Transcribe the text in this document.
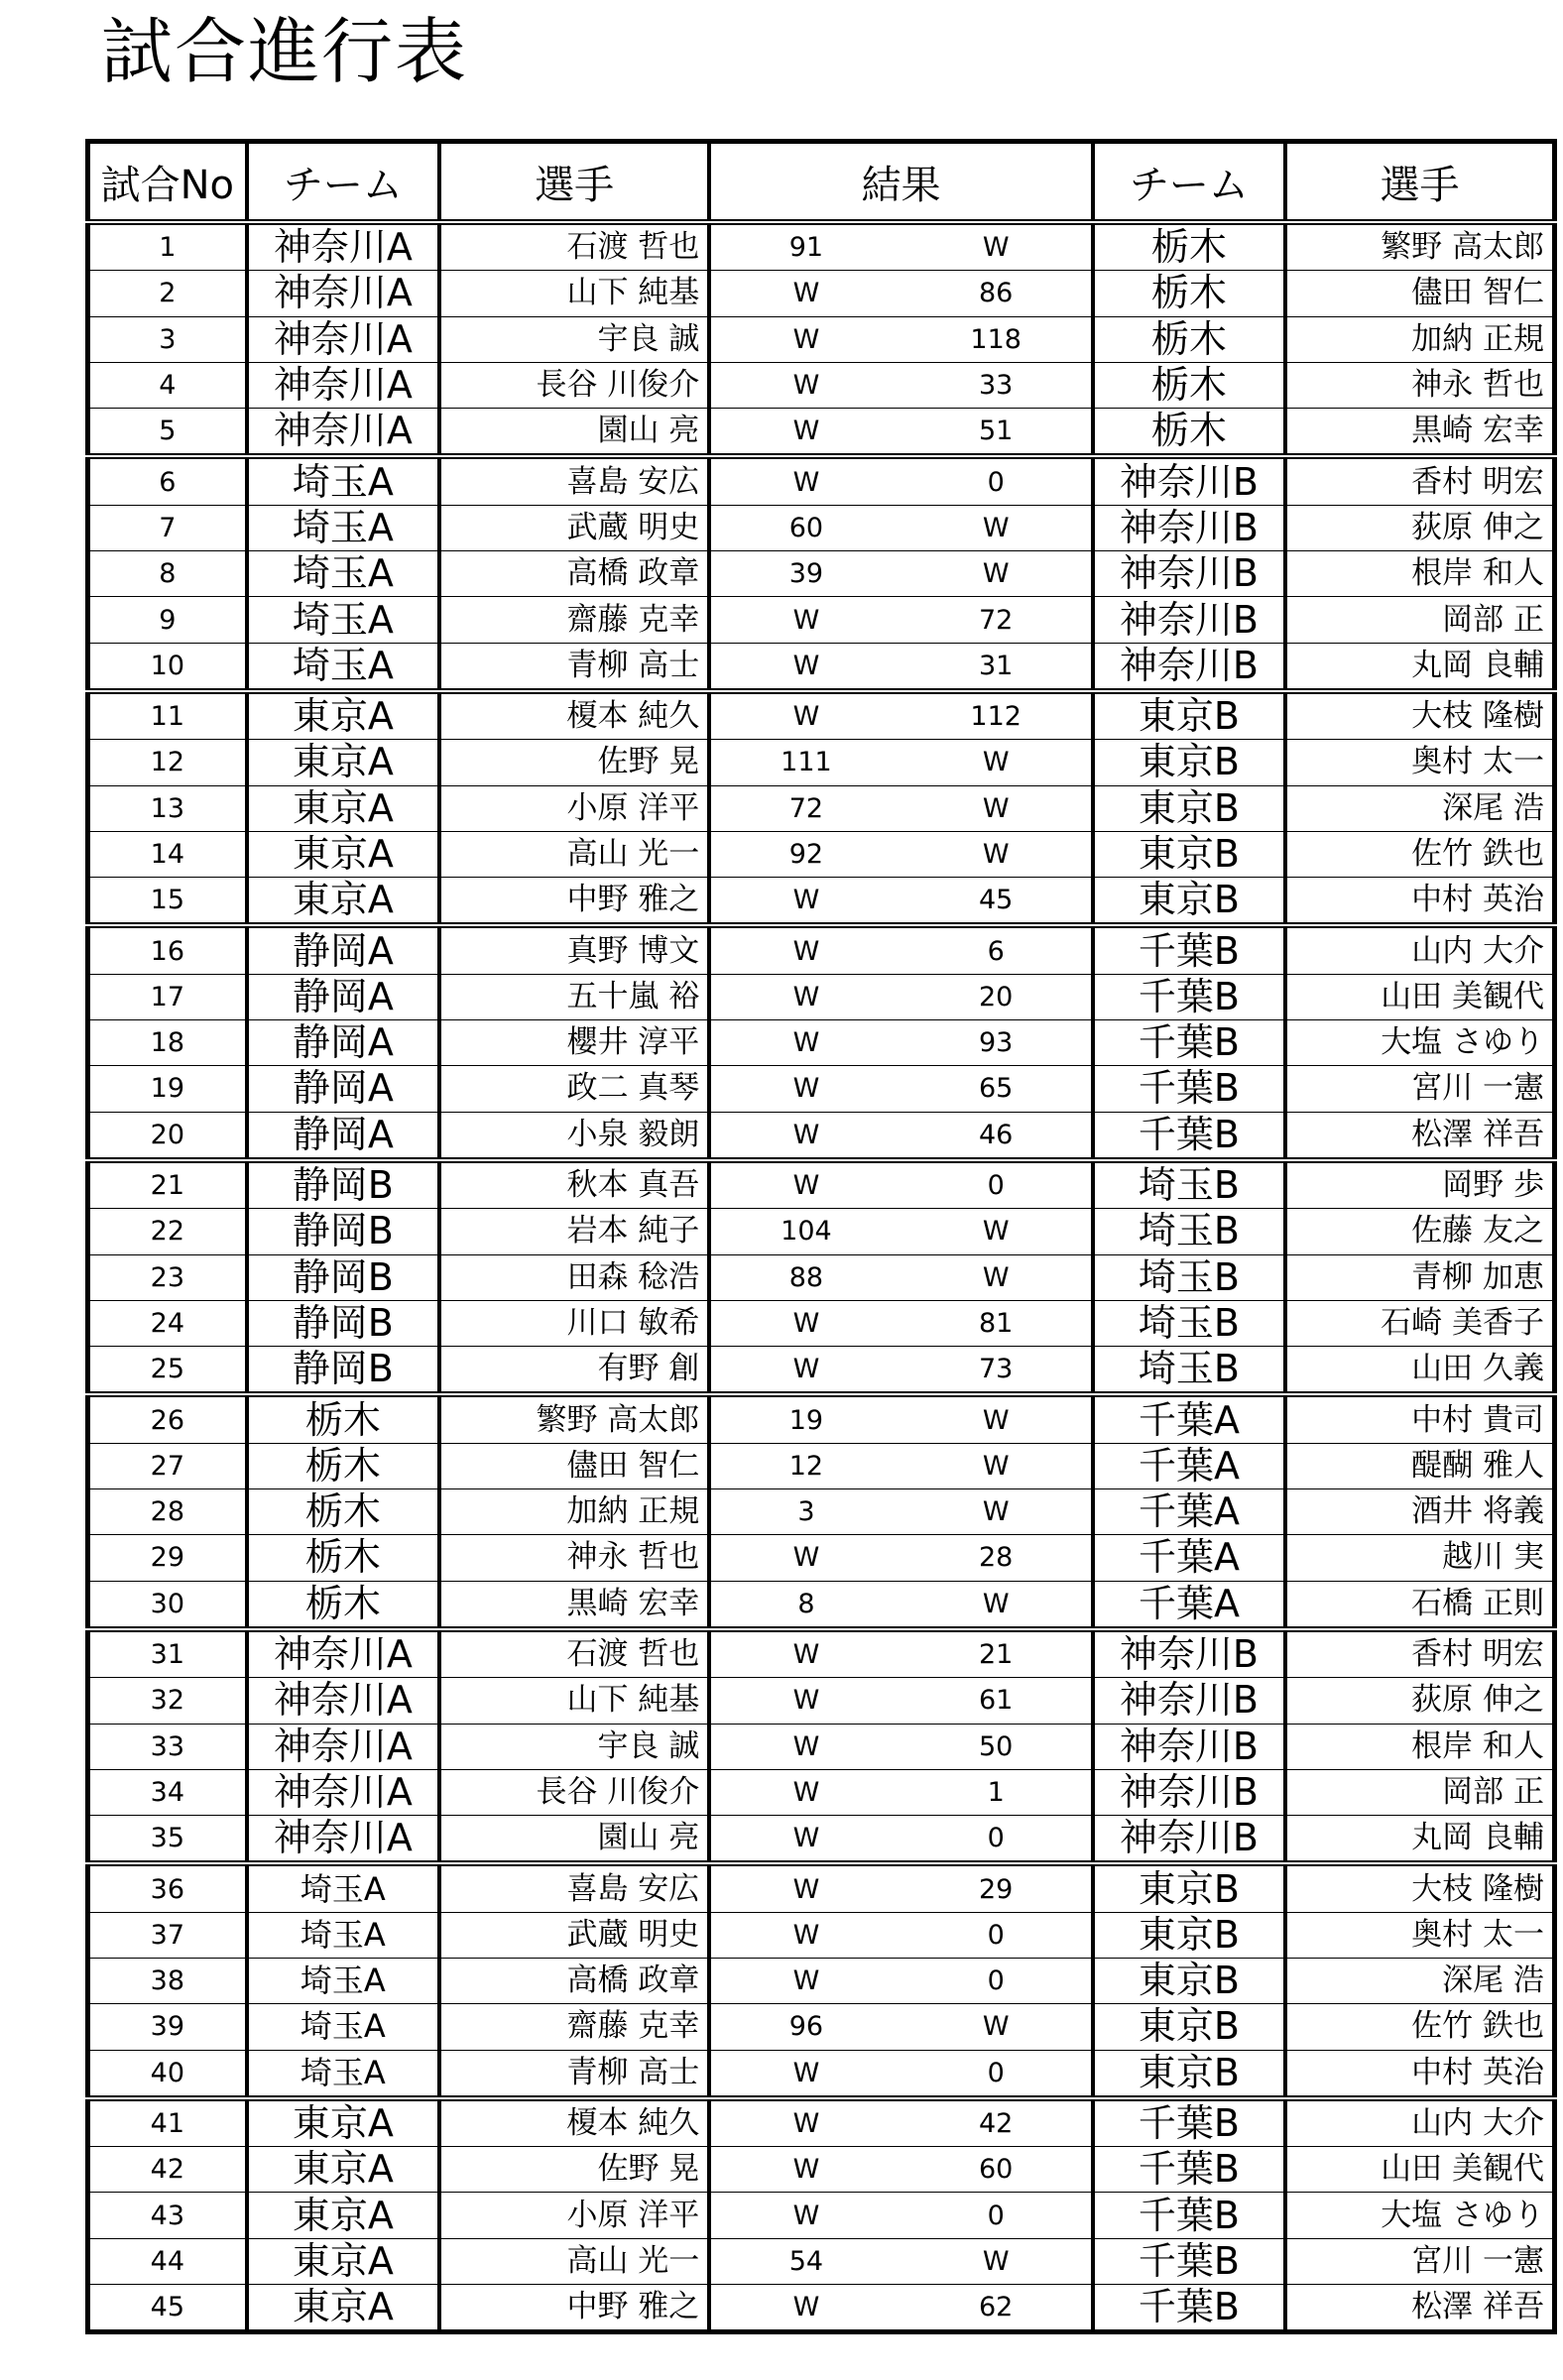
試合進行表
試合No	チーム	選手	結果		チーム	選手
1	神奈川A	石渡 哲也	91	W	栃木	繁野 高太郎
2	神奈川A	山下 純基	W	86	栃木	儘田 智仁
3	神奈川A	宇良 誠	W	118	栃木	加納 正規
4	神奈川A	長谷 川俊介	W	33	栃木	神永 哲也
5	神奈川A	園山 亮	W	51	栃木	黒崎 宏幸
6	埼玉A	喜島 安広	W	0	神奈川B	香村 明宏
7	埼玉A	武蔵 明史	60	W	神奈川B	荻原 伸之
8	埼玉A	高橋 政章	39	W	神奈川B	根岸 和人
9	埼玉A	齋藤 克幸	W	72	神奈川B	岡部 正
10	埼玉A	青柳 高士	W	31	神奈川B	丸岡 良輔
11	東京A	榎本 純久	W	112	東京B	大枝 隆樹
12	東京A	佐野 晃	111	W	東京B	奥村 太一
13	東京A	小原 洋平	72	W	東京B	深尾 浩
14	東京A	高山 光一	92	W	東京B	佐竹 鉄也
15	東京A	中野 雅之	W	45	東京B	中村 英治
16	静岡A	真野 博文	W	6	千葉B	山内 大介
17	静岡A	五十嵐 裕	W	20	千葉B	山田 美観代
18	静岡A	櫻井 淳平	W	93	千葉B	大塩 さゆり
19	静岡A	政二 真琴	W	65	千葉B	宮川 一憲
20	静岡A	小泉 毅朗	W	46	千葉B	松澤 祥吾
21	静岡B	秋本 真吾	W	0	埼玉B	岡野 歩
22	静岡B	岩本 純子	104	W	埼玉B	佐藤 友之
23	静岡B	田森 稔浩	88	W	埼玉B	青柳 加恵
24	静岡B	川口 敏希	W	81	埼玉B	石崎 美香子
25	静岡B	有野 創	W	73	埼玉B	山田 久義
26	栃木	繁野 高太郎	19	W	千葉A	中村 貴司
27	栃木	儘田 智仁	12	W	千葉A	醍醐 雅人
28	栃木	加納 正規	3	W	千葉A	酒井 将義
29	栃木	神永 哲也	W	28	千葉A	越川 実
30	栃木	黒崎 宏幸	8	W	千葉A	石橋 正則
31	神奈川A	石渡 哲也	W	21	神奈川B	香村 明宏
32	神奈川A	山下 純基	W	61	神奈川B	荻原 伸之
33	神奈川A	宇良 誠	W	50	神奈川B	根岸 和人
34	神奈川A	長谷 川俊介	W	1	神奈川B	岡部 正
35	神奈川A	園山 亮	W	0	神奈川B	丸岡 良輔
36	埼玉A	喜島 安広	W	29	東京B	大枝 隆樹
37	埼玉A	武蔵 明史	W	0	東京B	奥村 太一
38	埼玉A	高橋 政章	W	0	東京B	深尾 浩
39	埼玉A	齋藤 克幸	96	W	東京B	佐竹 鉄也
40	埼玉A	青柳 高士	W	0	東京B	中村 英治
41	東京A	榎本 純久	W	42	千葉B	山内 大介
42	東京A	佐野 晃	W	60	千葉B	山田 美観代
43	東京A	小原 洋平	W	0	千葉B	大塩 さゆり
44	東京A	高山 光一	54	W	千葉B	宮川 一憲
45	東京A	中野 雅之	W	62	千葉B	松澤 祥吾
